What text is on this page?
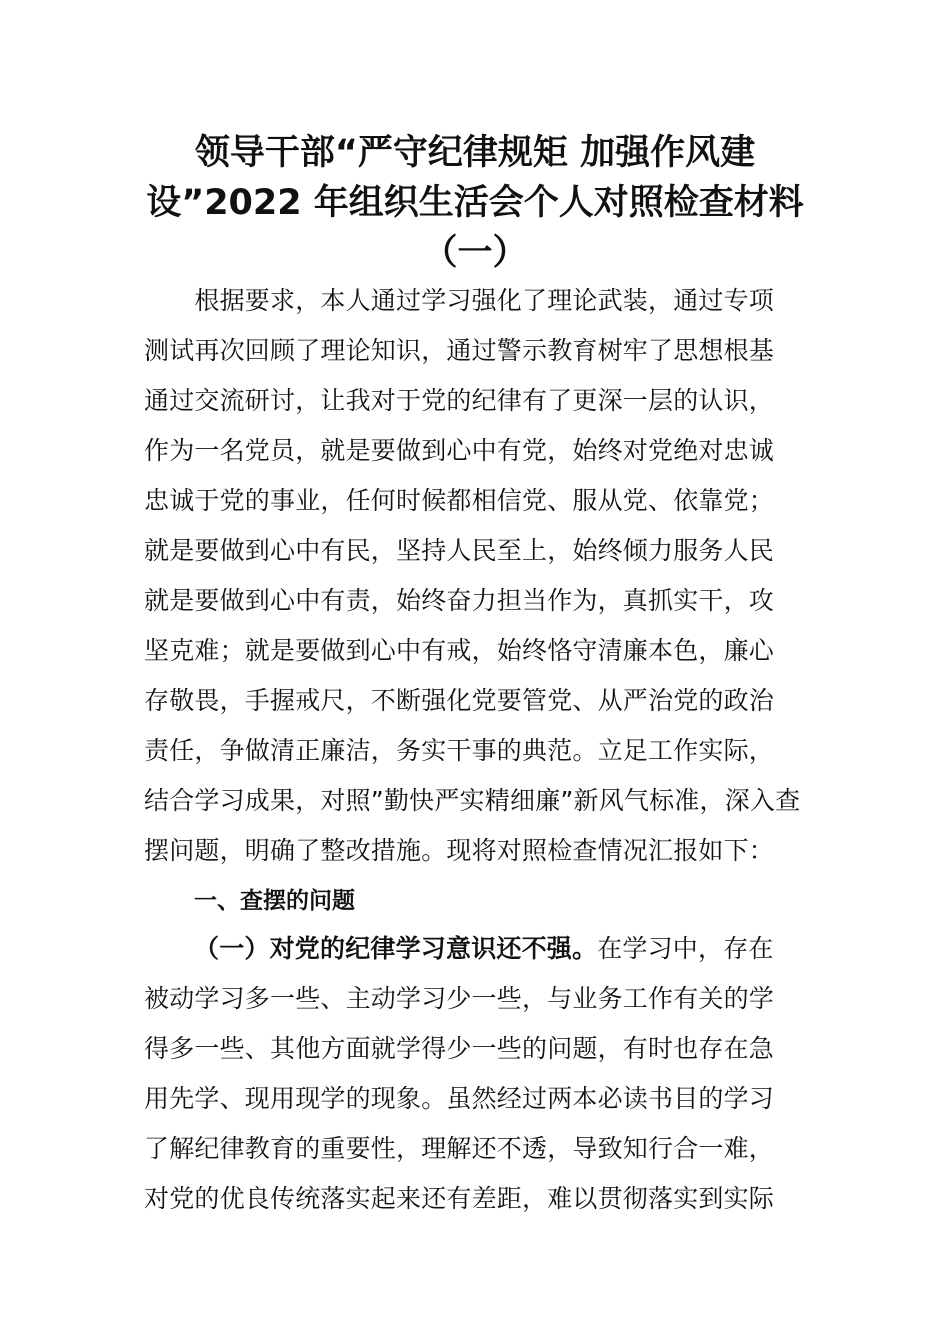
领导干部“严守纪律规矩 加强作风建
设”2022 年组织生活会个人对照检查材料
（一）
　　根据要求，本人通过学习强化了理论武装，通过专项
测试再次回顾了理论知识，通过警示教育树牢了思想根基
通过交流研讨，让我对于党的纪律有了更深一层的认识，
作为一名党员，就是要做到心中有党，始终对党绝对忠诚
忠诚于党的事业，任何时候都相信党、服从党、依靠党；
就是要做到心中有民，坚持人民至上，始终倾力服务人民
就是要做到心中有责，始终奋力担当作为，真抓实干，攻
坚克难；就是要做到心中有戒，始终恪守清廉本色，廉心
存敬畏，手握戒尺，不断强化党要管党、从严治党的政治
责任，争做清正廉洁，务实干事的典范。立足工作实际，
结合学习成果，对照”勤快严实精细廉”新风气标准，深入查
摆问题，明确了整改措施。现将对照检查情况汇报如下：
一、查摆的问题
（一）对党的纪律学习意识还不强。在学习中，存在
被动学习多一些、主动学习少一些，与业务工作有关的学
得多一些、其他方面就学得少一些的问题，有时也存在急
用先学、现用现学的现象。虽然经过两本必读书目的学习
了解纪律教育的重要性，理解还不透，导致知行合一难，
对党的优良传统落实起来还有差距，难以贯彻落实到实际
